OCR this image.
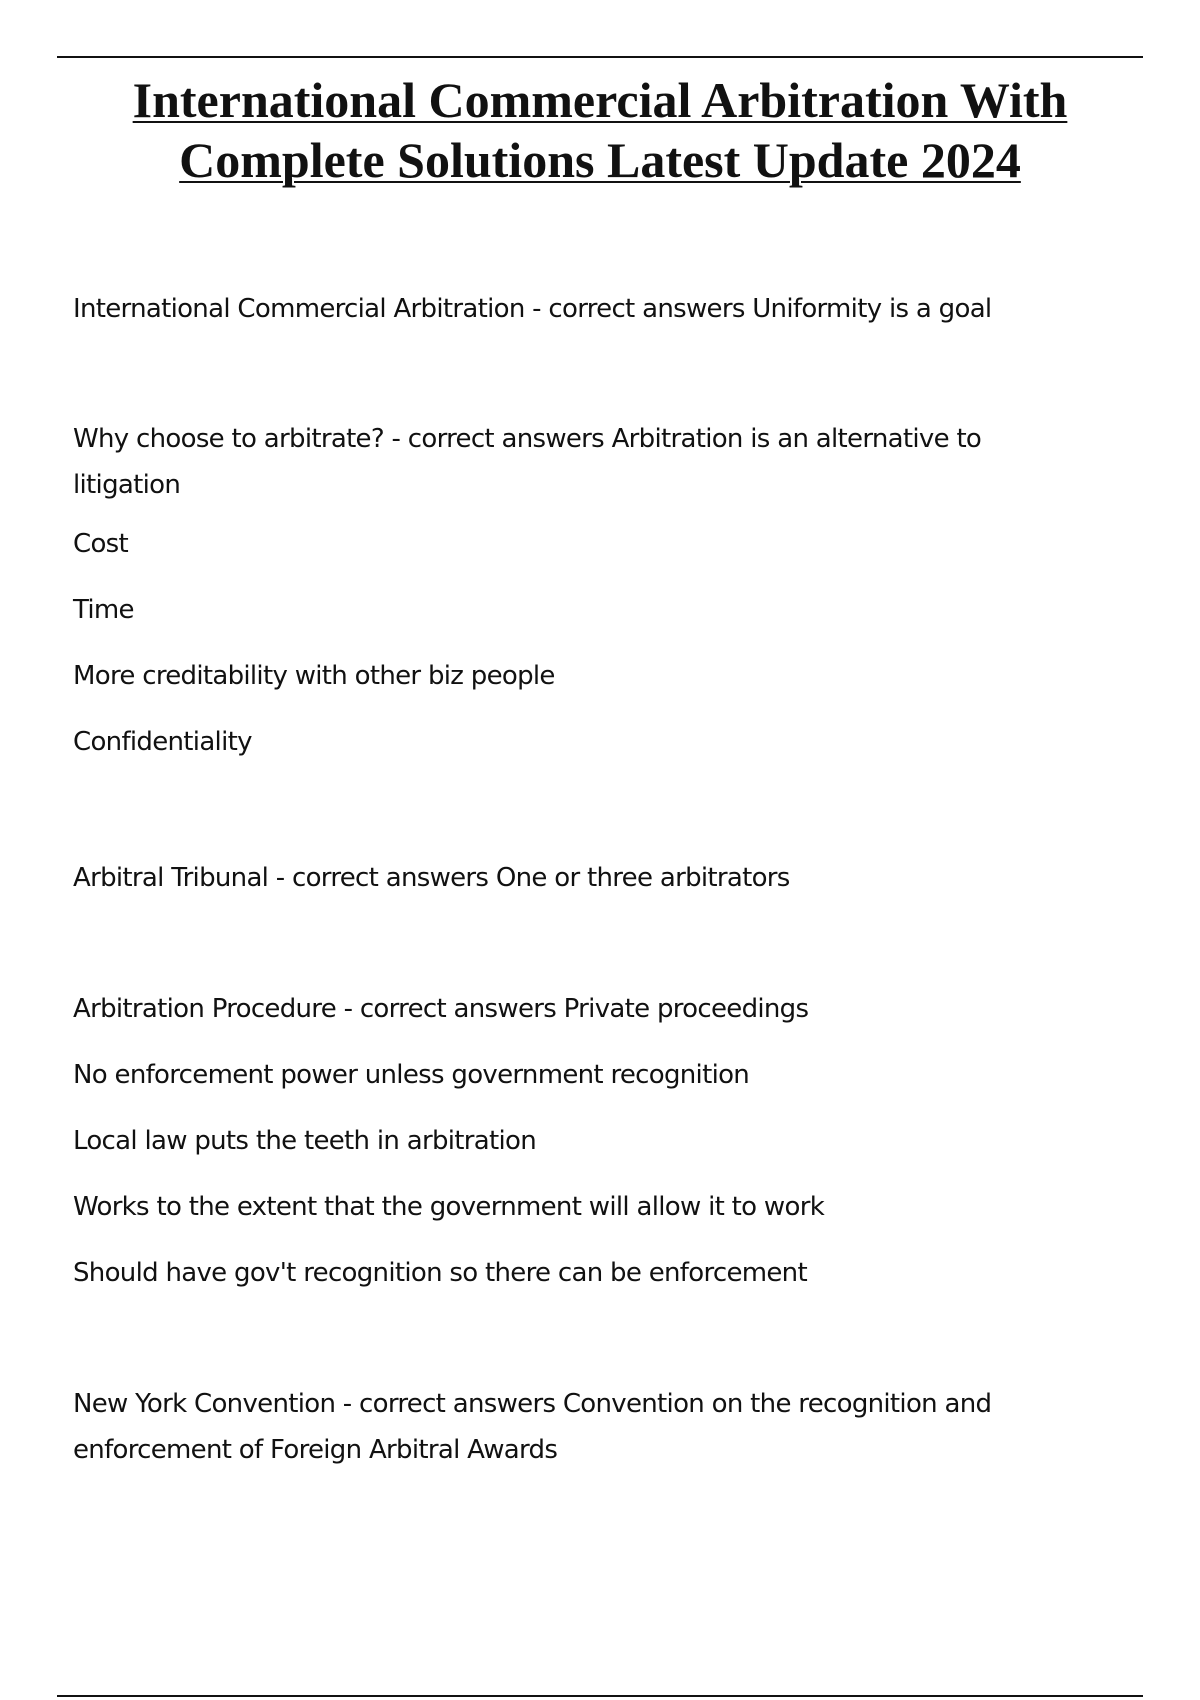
International Commercial Arbitration With
Complete Solutions Latest Update 2024

International Commercial Arbitration - correct answers Uniformity is a goal

Why choose to arbitrate? - correct answers Arbitration is an alternative to litigation

Cost

Time

More creditability with other biz people

Confidentiality

Arbitral Tribunal - correct answers One or three arbitrators

Arbitration Procedure - correct answers Private proceedings

No enforcement power unless government recognition

Local law puts the teeth in arbitration

Works to the extent that the government will allow it to work

Should have gov't recognition so there can be enforcement

New York Convention - correct answers Convention on the recognition and enforcement of Foreign Arbitral Awards
